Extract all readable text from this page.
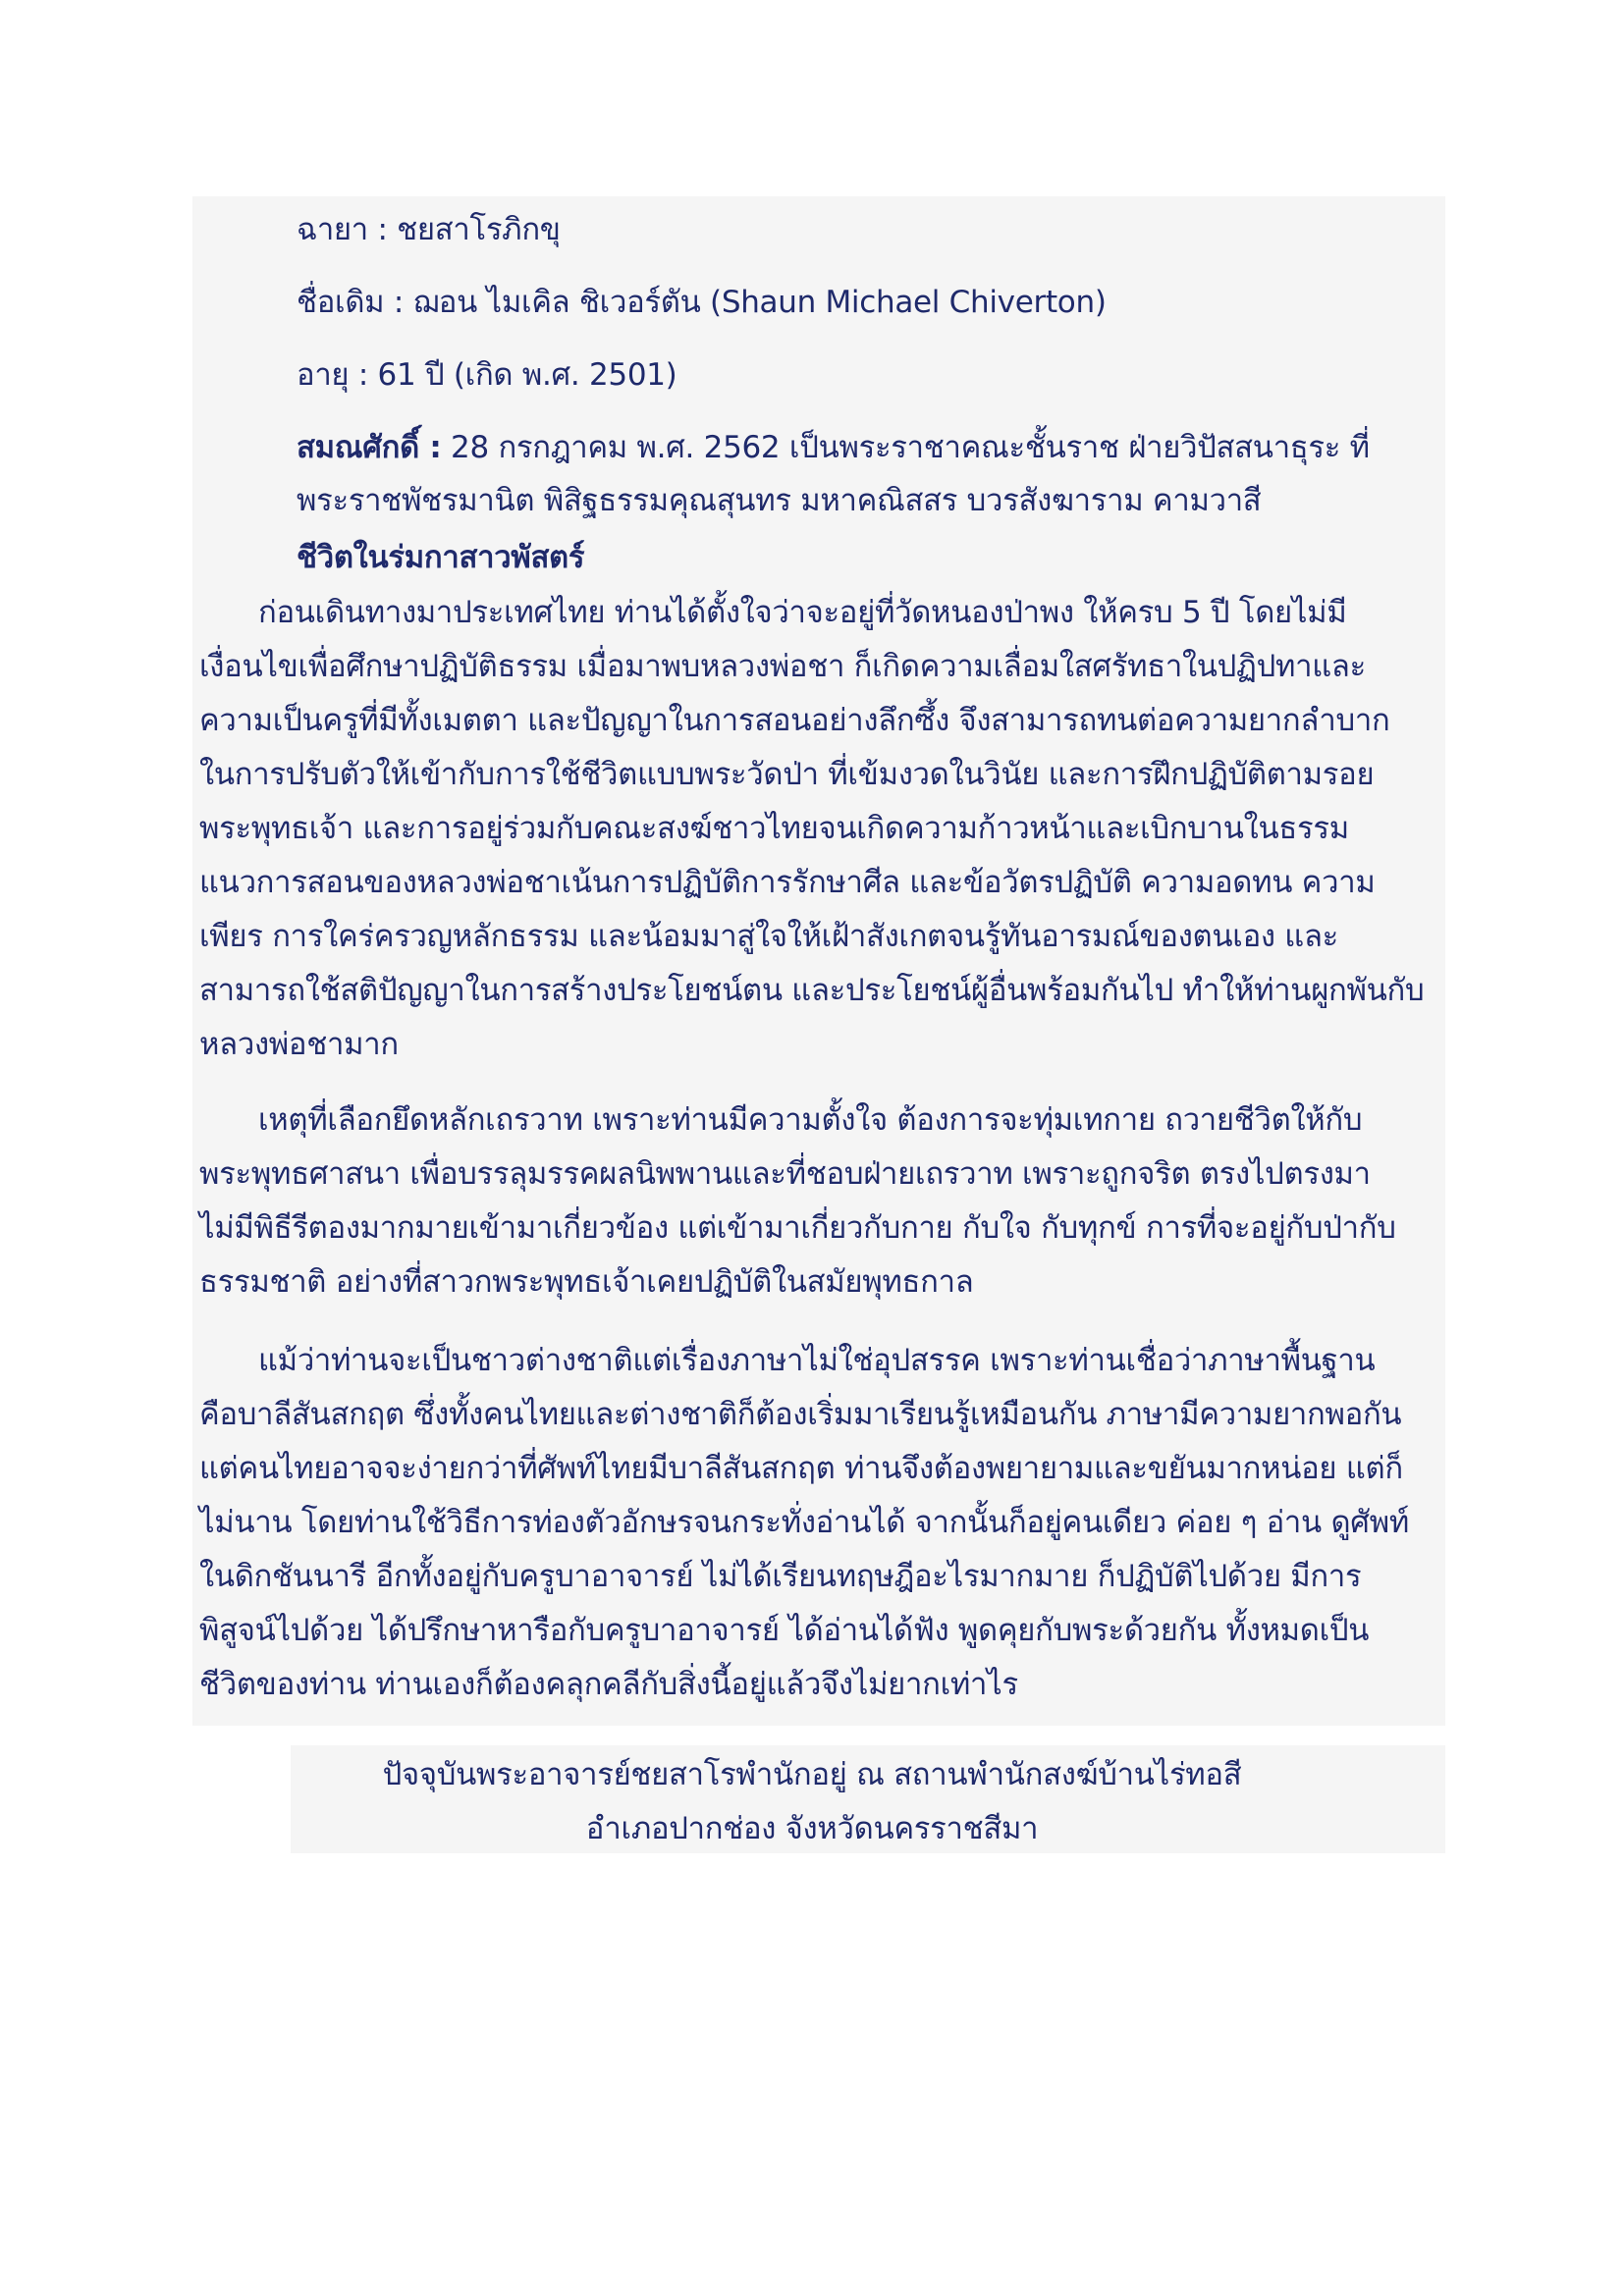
ฉายา : ชยสาโรภิกขุ

ชื่อเดิม : ฌอน ไมเคิล ชิเวอร์ตัน (Shaun Michael Chiverton)

อายุ : 61 ปี (เกิด พ.ศ. 2501)

สมณศักดิ์ : 28 กรกฎาคม พ.ศ. 2562 เป็นพระราชาคณะชั้นราช ฝ่ายวิปัสสนาธุระ ที่

พระราชพัชรมานิต พิสิฐธรรมคุณสุนทร มหาคณิสสร บวรสังฆาราม คามวาสี

ชีวิตในร่มกาสาวพัสตร์

ก่อนเดินทางมาประเทศไทย ท่านได้ตั้งใจว่าจะอยู่ที่วัดหนองป่าพง ให้ครบ 5 ปี โดยไม่มี

เงื่อนไขเพื่อศึกษาปฏิบัติธรรม เมื่อมาพบหลวงพ่อชา ก็เกิดความเลื่อมใสศรัทธาในปฏิปทาและ

ความเป็นครูที่มีทั้งเมตตา และปัญญาในการสอนอย่างลึกซึ้ง จึงสามารถทนต่อความยากลำบาก

ในการปรับตัวให้เข้ากับการใช้ชีวิตแบบพระวัดป่า ที่เข้มงวดในวินัย และการฝึกปฏิบัติตามรอย

พระพุทธเจ้า และการอยู่ร่วมกับคณะสงฆ์ชาวไทยจนเกิดความก้าวหน้าและเบิกบานในธรรม

แนวการสอนของหลวงพ่อชาเน้นการปฏิบัติการรักษาศีล และข้อวัตรปฏิบัติ ความอดทน ความ

เพียร การใคร่ครวญหลักธรรม และน้อมมาสู่ใจให้เฝ้าสังเกตจนรู้ทันอารมณ์ของตนเอง และ

สามารถใช้สติปัญญาในการสร้างประโยชน์ตน และประโยชน์ผู้อื่นพร้อมกันไป ทำให้ท่านผูกพันกับ

หลวงพ่อชามาก

เหตุที่เลือกยึดหลักเถรวาท เพราะท่านมีความตั้งใจ ต้องการจะทุ่มเทกาย ถวายชีวิตให้กับ

พระพุทธศาสนา เพื่อบรรลุมรรคผลนิพพานและที่ชอบฝ่ายเถรวาท เพราะถูกจริต ตรงไปตรงมา

ไม่มีพิธีรีตองมากมายเข้ามาเกี่ยวข้อง แต่เข้ามาเกี่ยวกับกาย กับใจ กับทุกข์ การที่จะอยู่กับป่ากับ

ธรรมชาติ อย่างที่สาวกพระพุทธเจ้าเคยปฏิบัติในสมัยพุทธกาล

แม้ว่าท่านจะเป็นชาวต่างชาติแต่เรื่องภาษาไม่ใช่อุปสรรค เพราะท่านเชื่อว่าภาษาพื้นฐาน

คือบาลีสันสกฤต ซึ่งทั้งคนไทยและต่างชาติก็ต้องเริ่มมาเรียนรู้เหมือนกัน ภาษามีความยากพอกัน

แต่คนไทยอาจจะง่ายกว่าที่ศัพท์ไทยมีบาลีสันสกฤต ท่านจึงต้องพยายามและขยันมากหน่อย แต่ก็

ไม่นาน โดยท่านใช้วิธีการท่องตัวอักษรจนกระทั่งอ่านได้ จากนั้นก็อยู่คนเดียว ค่อย ๆ อ่าน ดูศัพท์

ในดิกชันนารี อีกทั้งอยู่กับครูบาอาจารย์ ไม่ได้เรียนทฤษฎีอะไรมากมาย ก็ปฏิบัติไปด้วย มีการ

พิสูจน์ไปด้วย ได้ปรึกษาหารือกับครูบาอาจารย์ ได้อ่านได้ฟัง พูดคุยกับพระด้วยกัน ทั้งหมดเป็น

ชีวิตของท่าน ท่านเองก็ต้องคลุกคลีกับสิ่งนี้อยู่แล้วจึงไม่ยากเท่าไร

ปัจจุบันพระอาจารย์ชยสาโรพำนักอยู่ ณ สถานพำนักสงฆ์บ้านไร่ทอสี

อำเภอปากช่อง จังหวัดนครราชสีมา
